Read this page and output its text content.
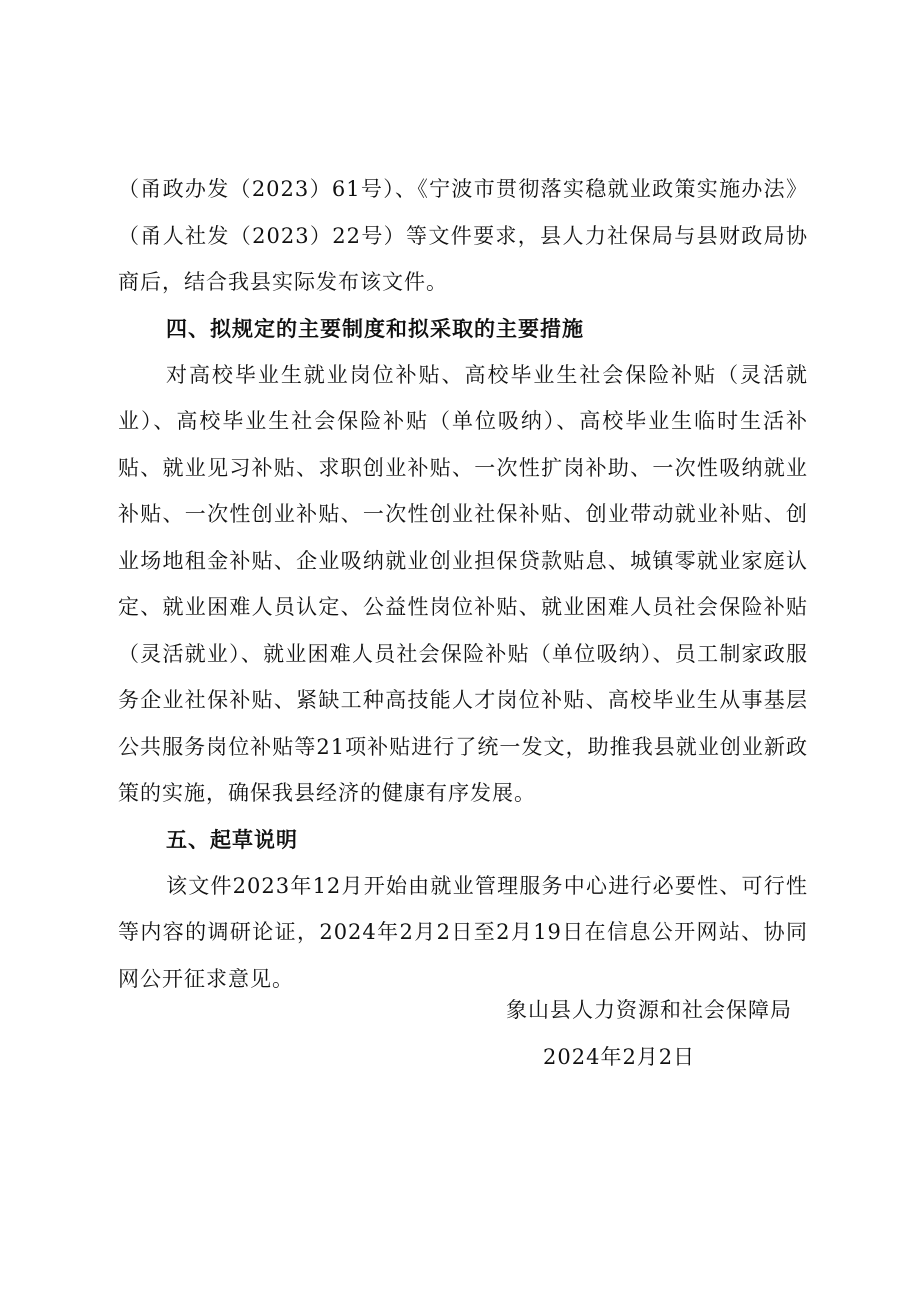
（甬政办发（2023）61号）、《宁波市贯彻落实稳就业政策实施办法》（甬人社发（2023）22号）等文件要求，县人力社保局与县财政局协商后，结合我县实际发布该文件。

四、拟规定的主要制度和拟采取的主要措施

对高校毕业生就业岗位补贴、高校毕业生社会保险补贴（灵活就业）、高校毕业生社会保险补贴（单位吸纳）、高校毕业生临时生活补贴、就业见习补贴、求职创业补贴、一次性扩岗补助、一次性吸纳就业补贴、一次性创业补贴、一次性创业社保补贴、创业带动就业补贴、创业场地租金补贴、企业吸纳就业创业担保贷款贴息、城镇零就业家庭认定、就业困难人员认定、公益性岗位补贴、就业困难人员社会保险补贴（灵活就业）、就业困难人员社会保险补贴（单位吸纳）、员工制家政服务企业社保补贴、紧缺工种高技能人才岗位补贴、高校毕业生从事基层公共服务岗位补贴等21项补贴进行了统一发文，助推我县就业创业新政策的实施，确保我县经济的健康有序发展。

五、起草说明

该文件2023年12月开始由就业管理服务中心进行必要性、可行性等内容的调研论证，2024年2月2日至2月19日在信息公开网站、协同网公开征求意见。

象山县人力资源和社会保障局
2024年2月2日
